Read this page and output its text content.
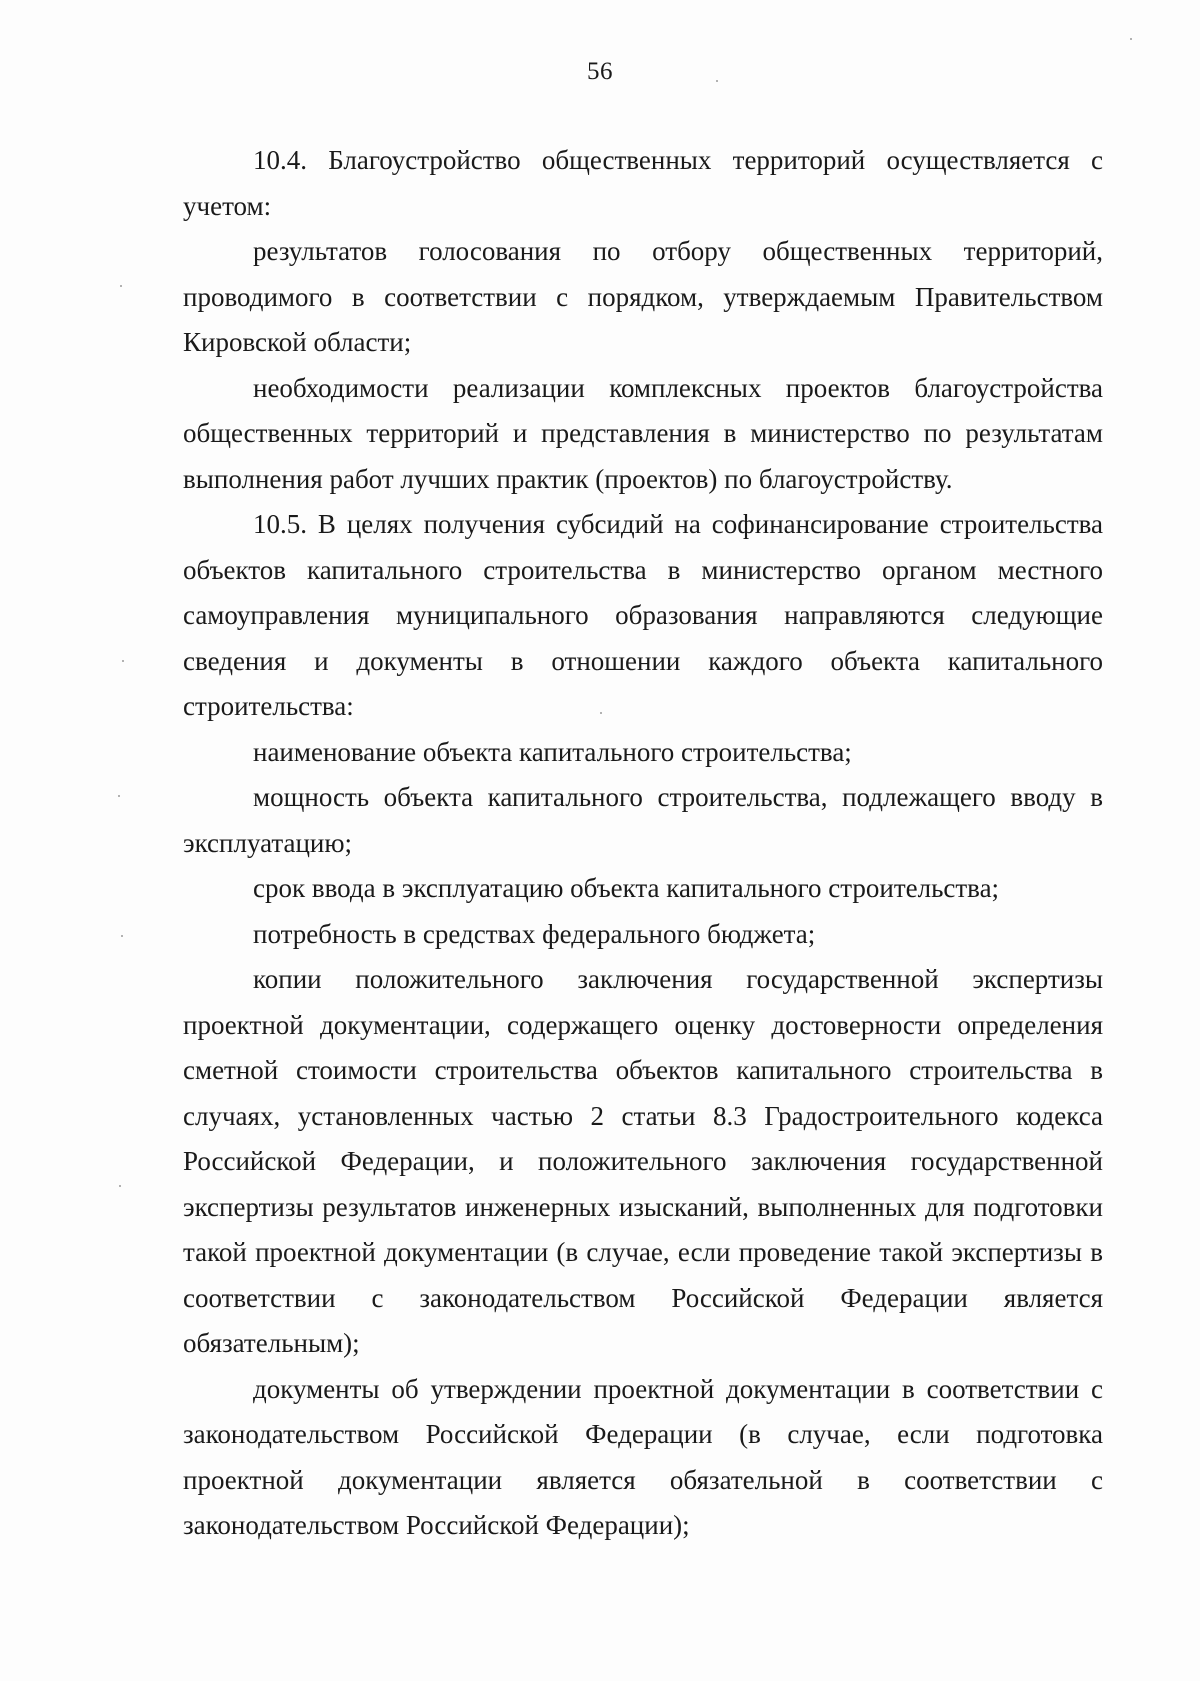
56

10.4. Благоустройство общественных территорий осуществляется с учетом:

результатов голосования по отбору общественных территорий, проводимого в соответствии с порядком, утверждаемым Правительством Кировской области;

необходимости реализации комплексных проектов благоустройства общественных территорий и представления в министерство по результатам выполнения работ лучших практик (проектов) по благоустройству.

10.5. В целях получения субсидий на софинансирование строительства объектов капитального строительства в министерство органом местного самоуправления муниципального образования направляются следующие сведения и документы в отношении каждого объекта капитального строительства:

наименование объекта капитального строительства;

мощность объекта капитального строительства, подлежащего вводу в эксплуатацию;

срок ввода в эксплуатацию объекта капитального строительства;

потребность в средствах федерального бюджета;

копии положительного заключения государственной экспертизы проектной документации, содержащего оценку достоверности определения сметной стоимости строительства объектов капитального строительства в случаях, установленных частью 2 статьи 8.3 Градостроительного кодекса Российской Федерации, и положительного заключения государственной экспертизы результатов инженерных изысканий, выполненных для подготовки такой проектной документации (в случае, если проведение такой экспертизы в соответствии с законодательством Российской Федерации является обязательным);

документы об утверждении проектной документации в соответствии с законодательством Российской Федерации (в случае, если подготовка проектной документации является обязательной в соответствии с законодательством Российской Федерации);
